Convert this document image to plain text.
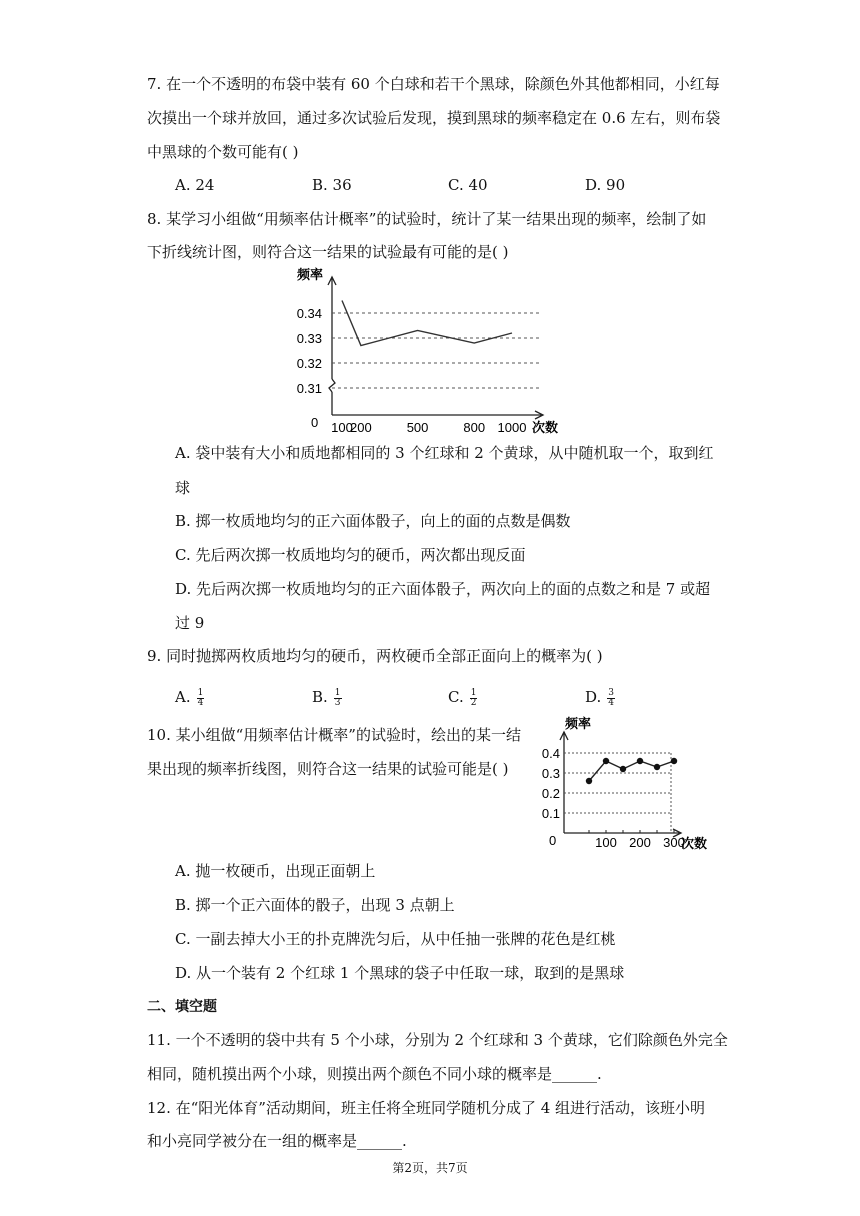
7. 在一个不透明的布袋中装有 60 个白球和若干个黑球，除颜色外其他都相同，小红每
次摸出一个球并放回，通过多次试验后发现，摸到黑球的频率稳定在 0.6 左右，则布袋
中黑球的个数可能有( )
A. 24	B. 36	C. 40	D. 90
8. 某学习小组做“用频率估计概率”的试验时，统计了某一结果出现的频率，绘制了如
下折线统计图，则符合这一结果的试验最有可能的是( )
0.34
0.33
0.32
0.31
100
200	500	800 1000
频率
次数
0
A. 袋中装有大小和质地都相同的 3 个红球和 2 个黄球，从中随机取一个，取到红
球
B. 掷一枚质地均匀的正六面体骰子，向上的面的点数是偶数
C. 先后两次掷一枚质地均匀的硬币，两次都出现反面
D. 先后两次掷一枚质地均匀的正六面体骰子，两次向上的面的点数之和是 7 或超
过 9
9. 同时抛掷两枚质地均匀的硬币，两枚硬币全部正面向上的概率为( )
A. $\frac{1}{4}$	B. $\frac{1}{3}$	C. $\frac{1}{2}$	D. $\frac{3}{4}$
10. 某小组做“用频率估计概率”的试验时，绘出的某一结
果出现的频率折线图，则符合这一结果的试验可能是( )
0.4
0.3
0.2
0.1
100 200 300
频率
次数
0
A. 抛一枚硬币，出现正面朝上
B. 掷一个正六面体的骰子，出现 3 点朝上
C. 一副去掉大小王的扑克牌洗匀后，从中任抽一张牌的花色是红桃
D. 从一个装有 2 个红球 1 个黑球的袋子中任取一球，取到的是黑球
二、填空题
11. 一个不透明的袋中共有 5 个小球，分别为 2 个红球和 3 个黄球，它们除颜色外完全
相同，随机摸出两个小球，则摸出两个颜色不同小球的概率是______.
12. 在“阳光体育”活动期间，班主任将全班同学随机分成了 4 组进行活动，该班小明
和小亮同学被分在一组的概率是______.
第2页，共7页
